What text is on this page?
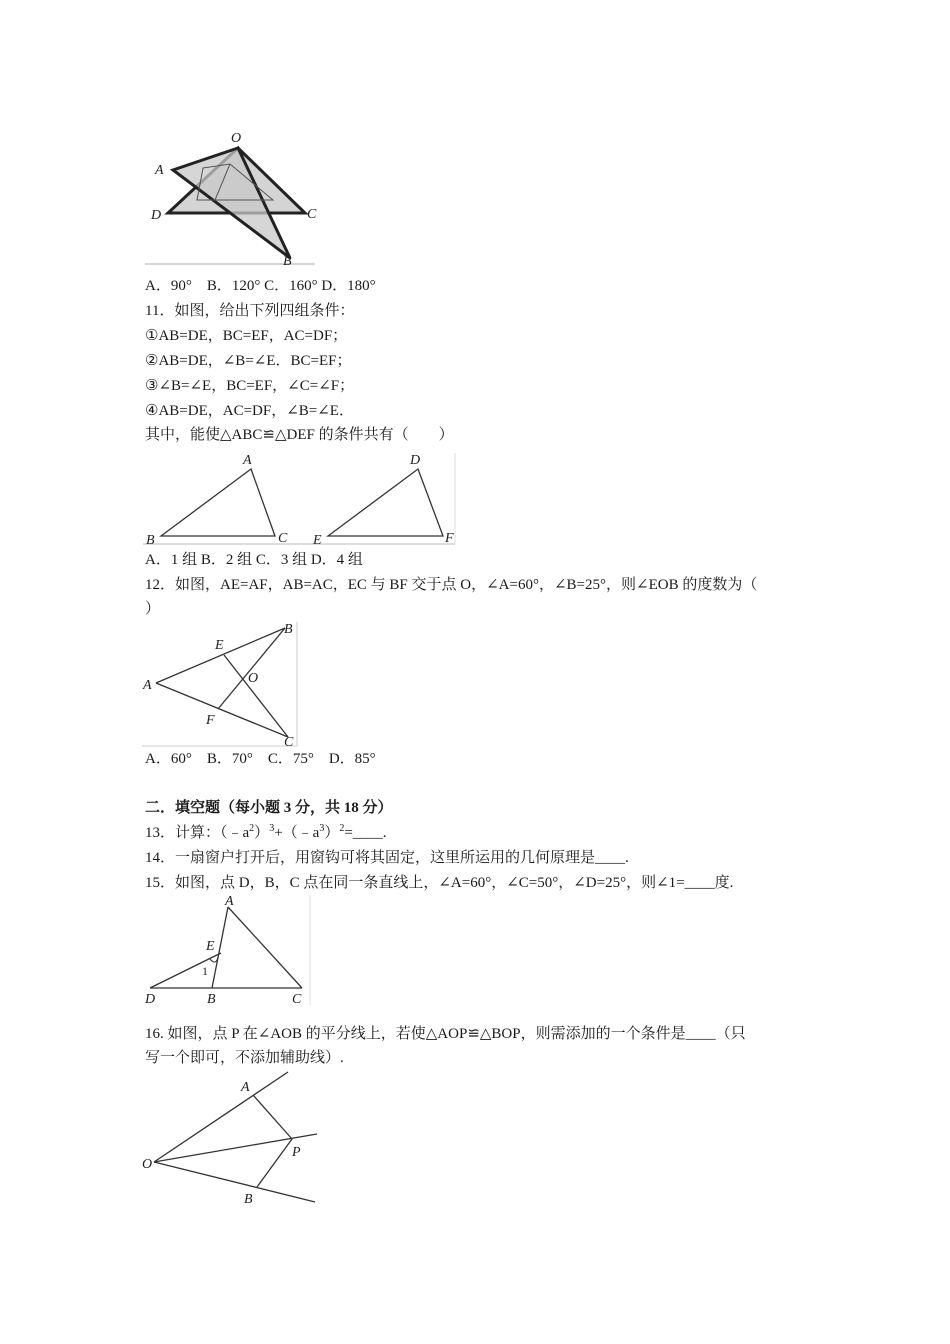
O
A
D	C
B
A．90°　B．120° C．160° D．180°
11．如图，给出下列四组条件：
①AB=DE，BC=EF，AC=DF；
②AB=DE，∠B=∠E．BC=EF；
③∠B=∠E，BC=EF，∠C=∠F；
④AB=DE，AC=DF，∠B=∠E．
其中，能使△ABC≌△DEF 的条件共有（　　）
A
B	C
D
E	F
A．1 组 B．2 组 C．3 组 D．4 组
12．如图，AE=AF，AB=AC，EC 与 BF 交于点 O，∠A=60°，∠B=25°，则∠EOB 的度数为（
）
A
B
C
E
F
O
A．60°　B．70°　C．75°　D．85°
二．填空题（每小题 3 分，共 18 分）
13．计算：$(﹣a^2)^3+(﹣a^3)^2=\_\_\_\_$.
14．一扇窗户打开后，用窗钩可将其固定，这里所运用的几何原理是____.
15．如图，点 D，B，C 点在同一条直线上，∠A=60°，∠C=50°，∠D=25°，则∠1=____度.
A
E
1
D	B	C
16. 如图，点 P 在∠AOB 的平分线上，若使△AOP≌△BOP，则需添加的一个条件是____（只
写一个即可，不添加辅助线）.
A
O
P
B
